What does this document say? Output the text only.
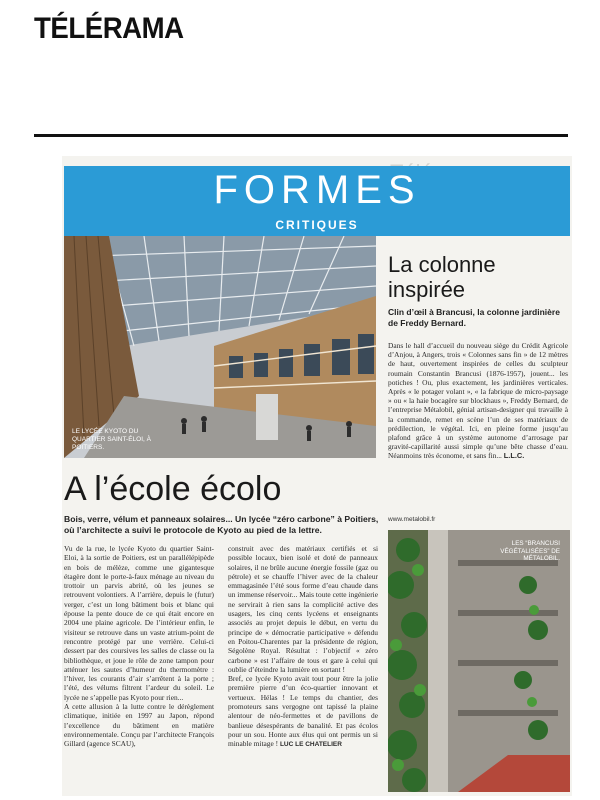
TÉLÉRAMA
FORMES
CRITIQUES
LE LYCÉE KYOTO DU QUARTIER SAINT-ÉLOI, À POITIERS.
La colonne inspirée
Clin d’œil à Brancusi, la colonne jardinière de Freddy Bernard.
Dans le hall d’accueil du nouveau siège du Crédit Agricole d’Anjou, à Angers, trois « Colonnes sans fin » de 12 mètres de haut, ouvertement inspirées de celles du sculpteur roumain Constantin Brancusi (1876-1957), jouent... les potiches ! Ou, plus exactement, les jardinières verticales. Après « le potager volant », « la fabrique de micro-paysage » ou « la haie bocagère sur blockhaus », Freddy Bernard, de l’entreprise Métalobil, génial artisan-designer qui travaille à la commande, remet en scène l’un de ses matériaux de prédilection, le végétal. Ici, en pleine forme jusqu’au plafond grâce à un système autonome d’arrosage par gravité-capillarité aussi simple qu’une bête chasse d’eau. Néanmoins très économe, et sans fin... L.L.C.
www.metalobil.fr
LES “BRANCUSI VÉGÉTALISÉES” DE MÉTALOBIL.
A l’école écolo
Bois, verre, vélum et panneaux solaires... Un lycée “zéro carbone” à Poitiers, où l’architecte a suivi le protocole de Kyoto au pied de la lettre.

Vu de la rue, le lycée Kyoto du quartier Saint-Eloi, à la sortie de Poitiers, est un parallélépipède en bois de mélèze, comme une gigantesque étagère dont le porte-à-faux ménage au niveau du trottoir un parvis abrité, où les jeunes se retrouvent volontiers. A l’arrière, depuis le (futur) verger, c’est un long bâtiment bois et blanc qui épouse la pente douce de ce qui était encore en 2004 une plaine agricole. De l’intérieur enfin, le visiteur se retrouve dans un vaste atrium-point de rencontre protégé par une verrière. Celui-ci dessert par des coursives les salles de classe ou la bibliothèque, et joue le rôle de zone tampon pour atténuer les sautes d’humeur du thermomètre : l’hiver, les courants d’air s’arrêtent à la porte ; l’été, des vélums filtrent l’ardeur du soleil. Le lycée ne s’appelle pas Kyoto pour rien...

A cette allusion à la lutte contre le dérèglement climatique, initiée en 1997 au Japon, répond l’excellence du bâtiment en matière environnementale. Conçu par l’architecte François Gillard (agence SCAU),

construit avec des matériaux certifiés et si possible locaux, bien isolé et doté de panneaux solaires, il ne brûle aucune énergie fossile (gaz ou pétrole) et se chauffe l’hiver avec de la chaleur emmagasinée l’été sous forme d’eau chaude dans un immense réservoir... Mais toute cette ingénierie ne servirait à rien sans la complicité active des usagers, les cinq cents lycéens et enseignants associés au projet depuis le début, en vertu du principe de « démocratie participative » défendu en Poitou-Charentes par la présidente de région, Ségolène Royal. Résultat : l’objectif « zéro carbone » est l’affaire de tous et gare à celui qui oublie d’éteindre la lumière en sortant !

Bref, ce lycée Kyoto avait tout pour être la jolie première pierre d’un éco-quartier innovant et vertueux. Hélas ! Le temps du chantier, des promoteurs sans vergogne ont tapissé la plaine alentour de néo-fermettes et de pavillons de banlieue désespérants de banalité. Et pas écolos pour un sou. Honte aux élus qui ont permis un si minable mitage ! LUC LE CHATELIER
